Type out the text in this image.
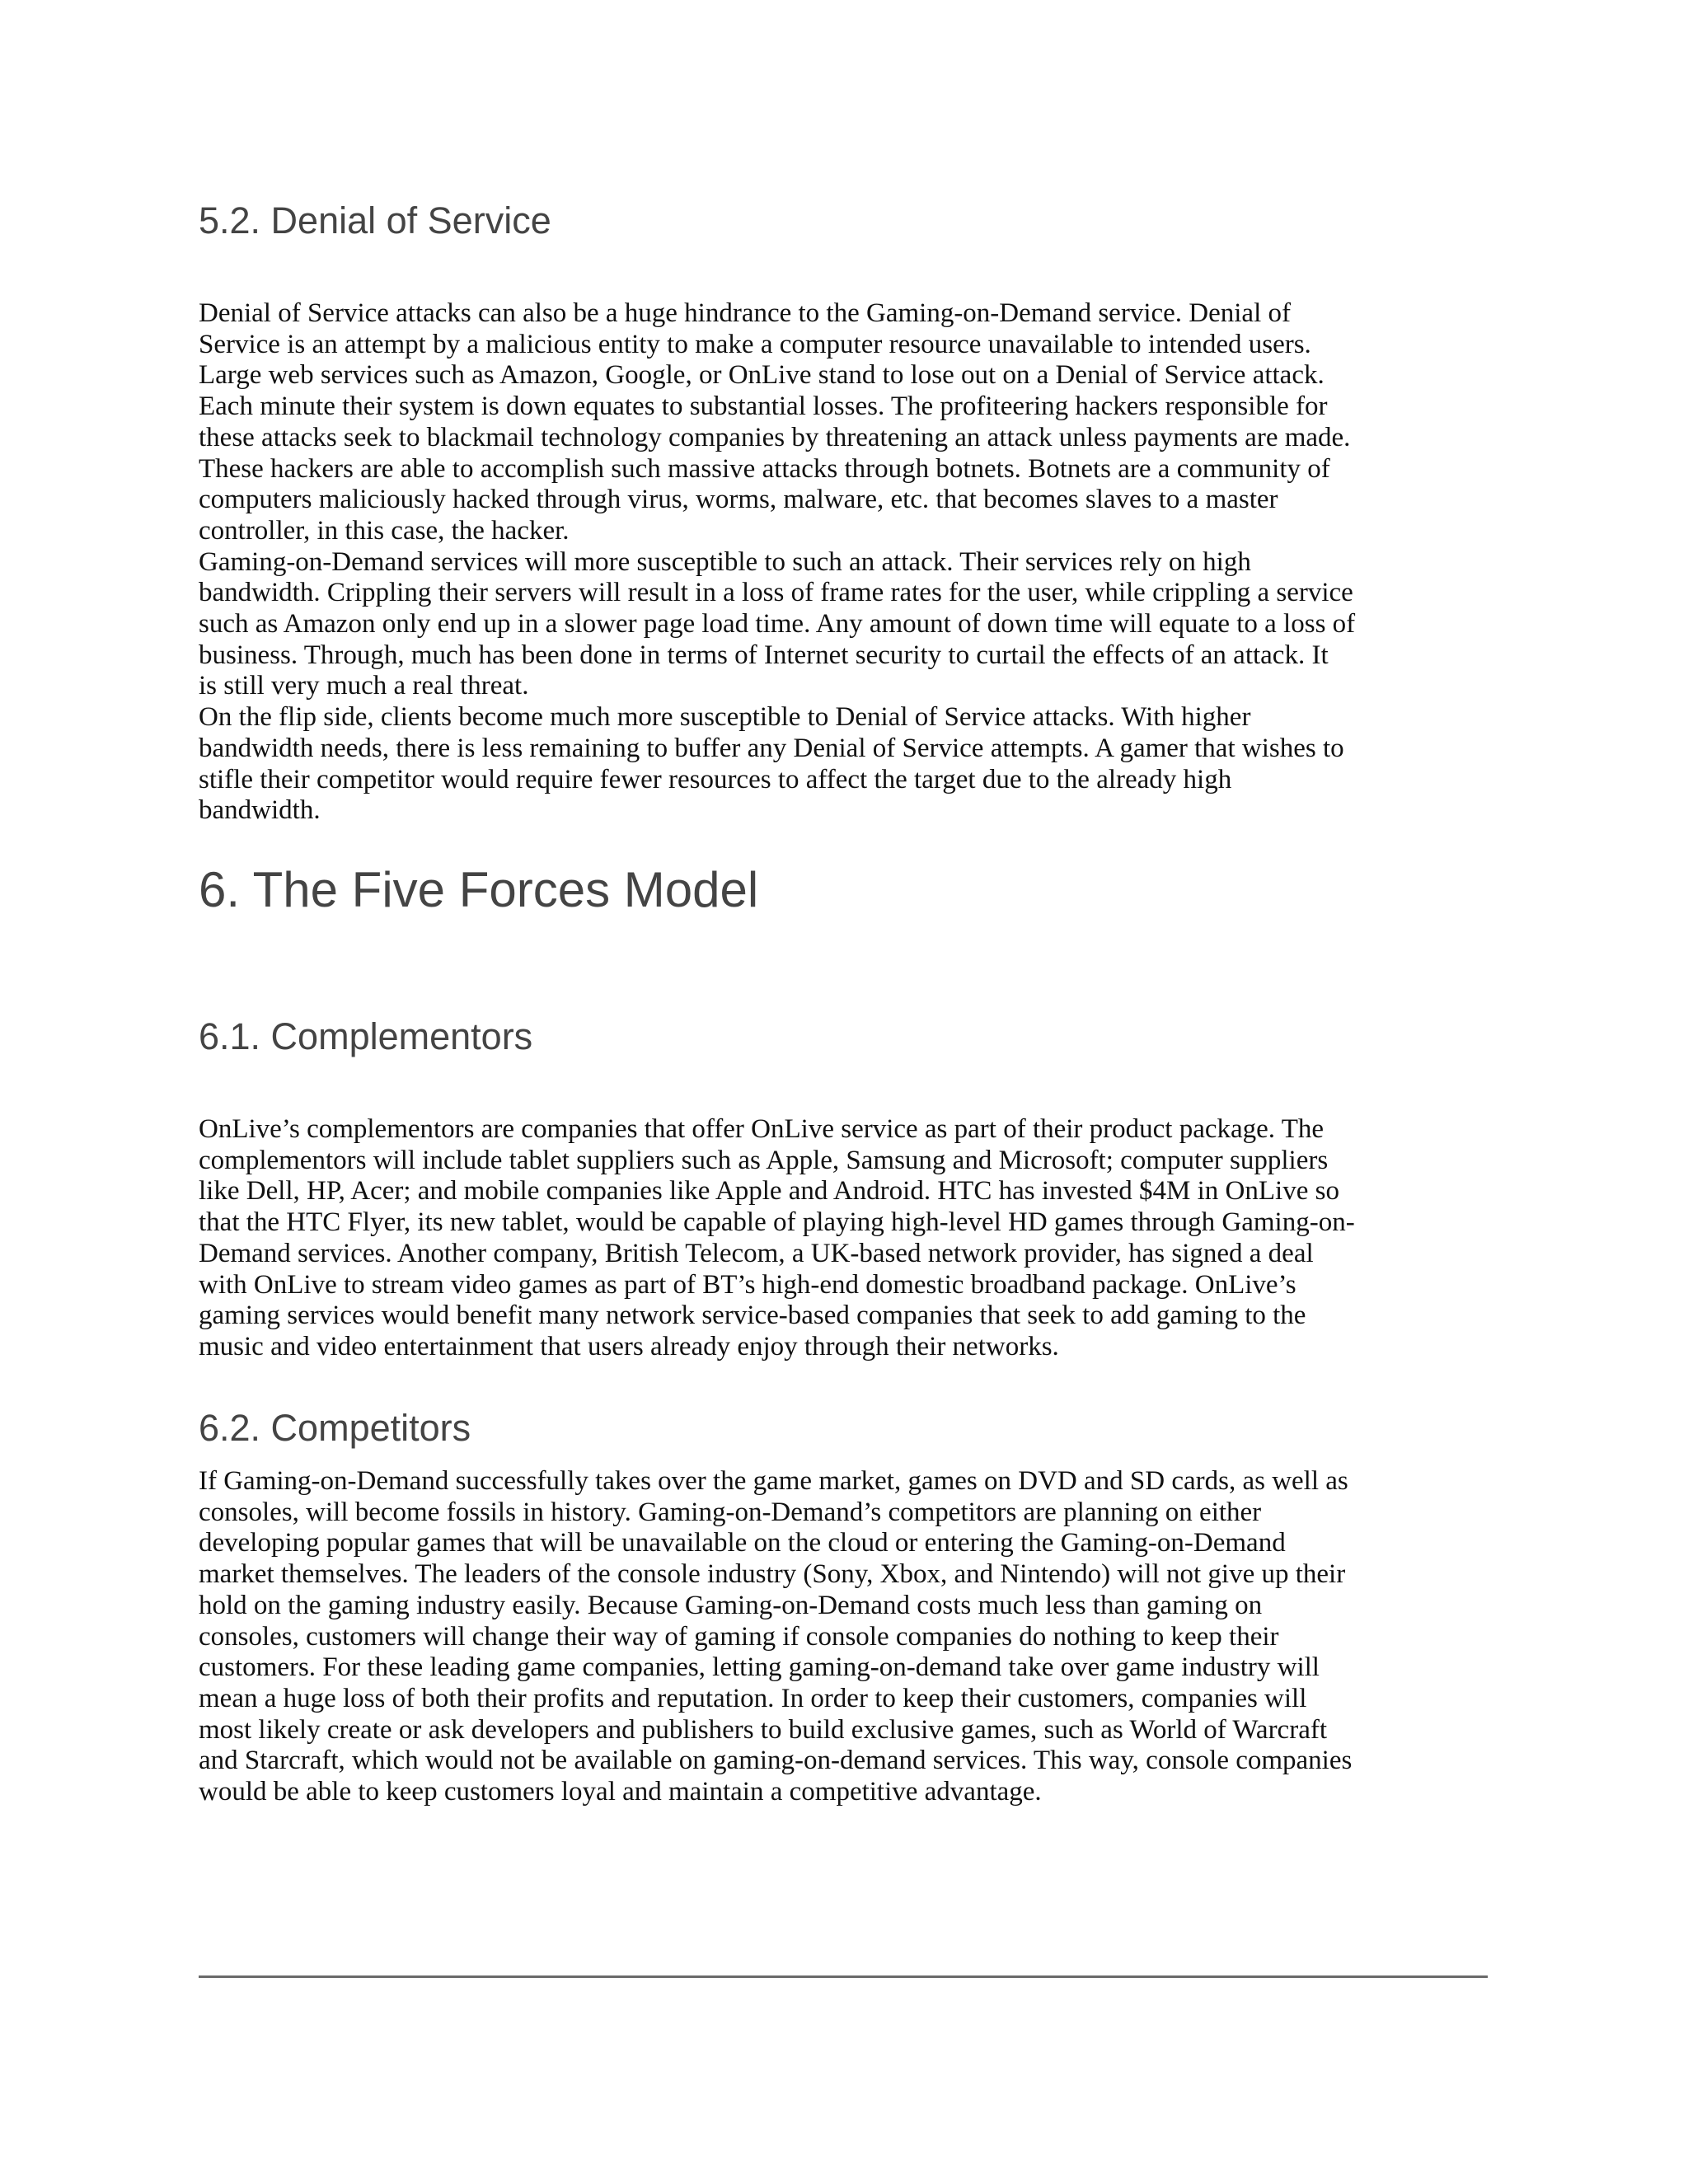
5.2. Denial of Service
Denial of Service attacks can also be a huge hindrance to the Gaming-on-Demand service. Denial of
Service is an attempt by a malicious entity to make a computer resource unavailable to intended users.
Large web services such as Amazon, Google, or OnLive stand to lose out on a Denial of Service attack.
Each minute their system is down equates to substantial losses. The profiteering hackers responsible for
these attacks seek to blackmail technology companies by threatening an attack unless payments are made.
These hackers are able to accomplish such massive attacks through botnets. Botnets are a community of
computers maliciously hacked through virus, worms, malware, etc. that becomes slaves to a master
controller, in this case, the hacker.
Gaming-on-Demand services will more susceptible to such an attack. Their services rely on high
bandwidth. Crippling their servers will result in a loss of frame rates for the user, while crippling a service
such as Amazon only end up in a slower page load time. Any amount of down time will equate to a loss of
business. Through, much has been done in terms of Internet security to curtail the effects of an attack. It
is still very much a real threat.
On the flip side, clients become much more susceptible to Denial of Service attacks. With higher
bandwidth needs, there is less remaining to buffer any Denial of Service attempts. A gamer that wishes to
stifle their competitor would require fewer resources to affect the target due to the already high
bandwidth.
6. The Five Forces Model
6.1. Complementors
OnLive’s complementors are companies that offer OnLive service as part of their product package. The
complementors will include tablet suppliers such as Apple, Samsung and Microsoft; computer suppliers
like Dell, HP, Acer; and mobile companies like Apple and Android. HTC has invested $4M in OnLive so
that the HTC Flyer, its new tablet, would be capable of playing high-level HD games through Gaming-on-
Demand services. Another company, British Telecom, a UK-based network provider, has signed a deal
with OnLive to stream video games as part of BT’s high-end domestic broadband package. OnLive’s
gaming services would benefit many network service-based companies that seek to add gaming to the
music and video entertainment that users already enjoy through their networks.
6.2. Competitors
If Gaming-on-Demand successfully takes over the game market, games on DVD and SD cards, as well as
consoles, will become fossils in history. Gaming-on-Demand’s competitors are planning on either
developing popular games that will be unavailable on the cloud or entering the Gaming-on-Demand
market themselves. The leaders of the console industry (Sony, Xbox, and Nintendo) will not give up their
hold on the gaming industry easily. Because Gaming-on-Demand costs much less than gaming on
consoles, customers will change their way of gaming if console companies do nothing to keep their
customers. For these leading game companies, letting gaming-on-demand take over game industry will
mean a huge loss of both their profits and reputation. In order to keep their customers, companies will
most likely create or ask developers and publishers to build exclusive games, such as World of Warcraft
and Starcraft, which would not be available on gaming-on-demand services. This way, console companies
would be able to keep customers loyal and maintain a competitive advantage.
